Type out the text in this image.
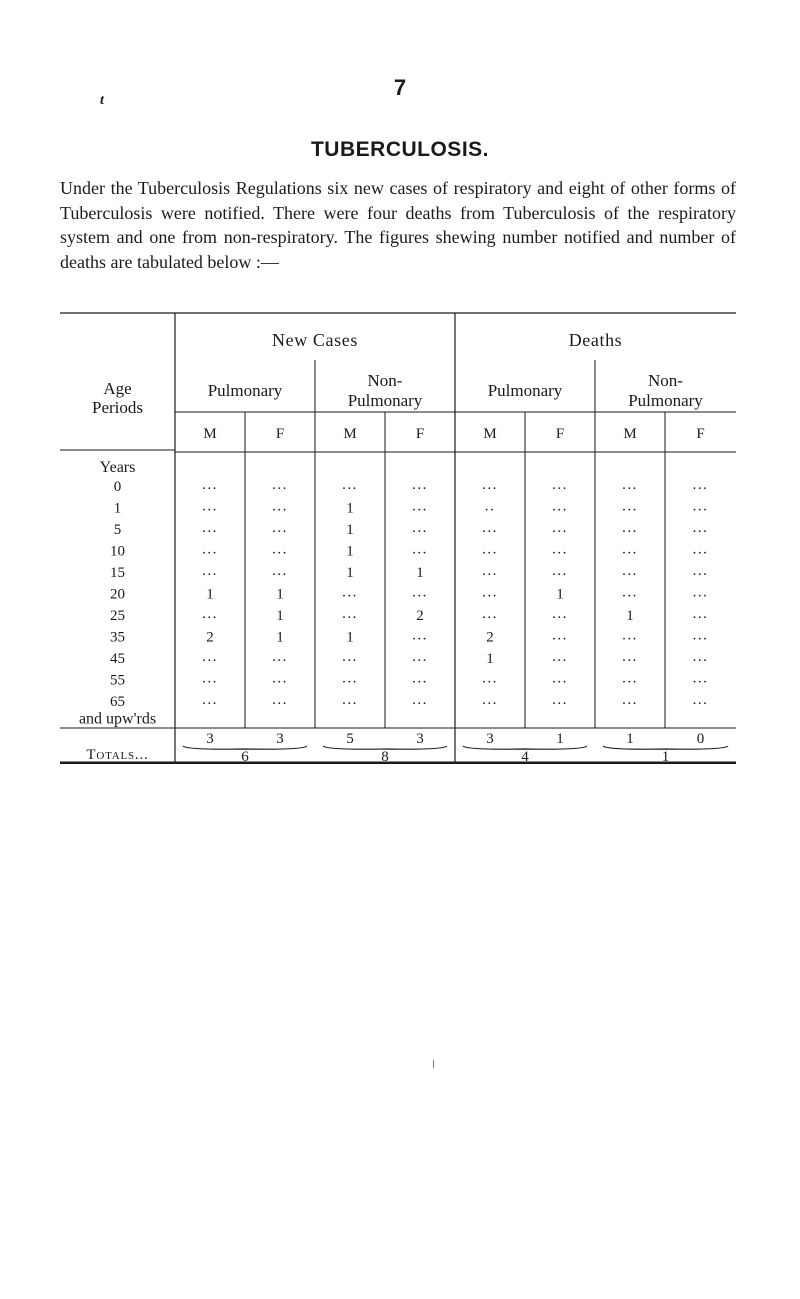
7
t
TUBERCULOSIS.
Under the Tuberculosis Regulations six new cases of respiratory and eight of other forms of Tuberculosis were notified. There were four deaths from Tuberculosis of the respiratory system and one from non-respiratory. The figures shewing number notified and number of deaths are tabulated below :—
Age
Periods
New Cases	Deaths
Pulmonary
Non-
Pulmonary
Pulmonary
Non-
Pulmonary
M	F	M	F	M	F	M	F
Years
0	...	...	...	...	...	...	...	...
1	...	...	1	...	..	...	...	...
5	...	...	1	...	...	...	...	...
10	...	...	1	...	...	...	...	...
15	...	...	1	1	...	...	...	...
20	1	1	...	...	...	1	...	...
25	...	1	...	2	...	...	1	...
35	2	1	1	...	2	...	...	...
45	...	...	...	...	1	...	...	...
55	...	...	...	...	...	...	...	...
65	...	...	...	...	...	...	...	...
and upw'rds
3	3	5	3	3	1	1	0
Totals...	6	8	4	1
